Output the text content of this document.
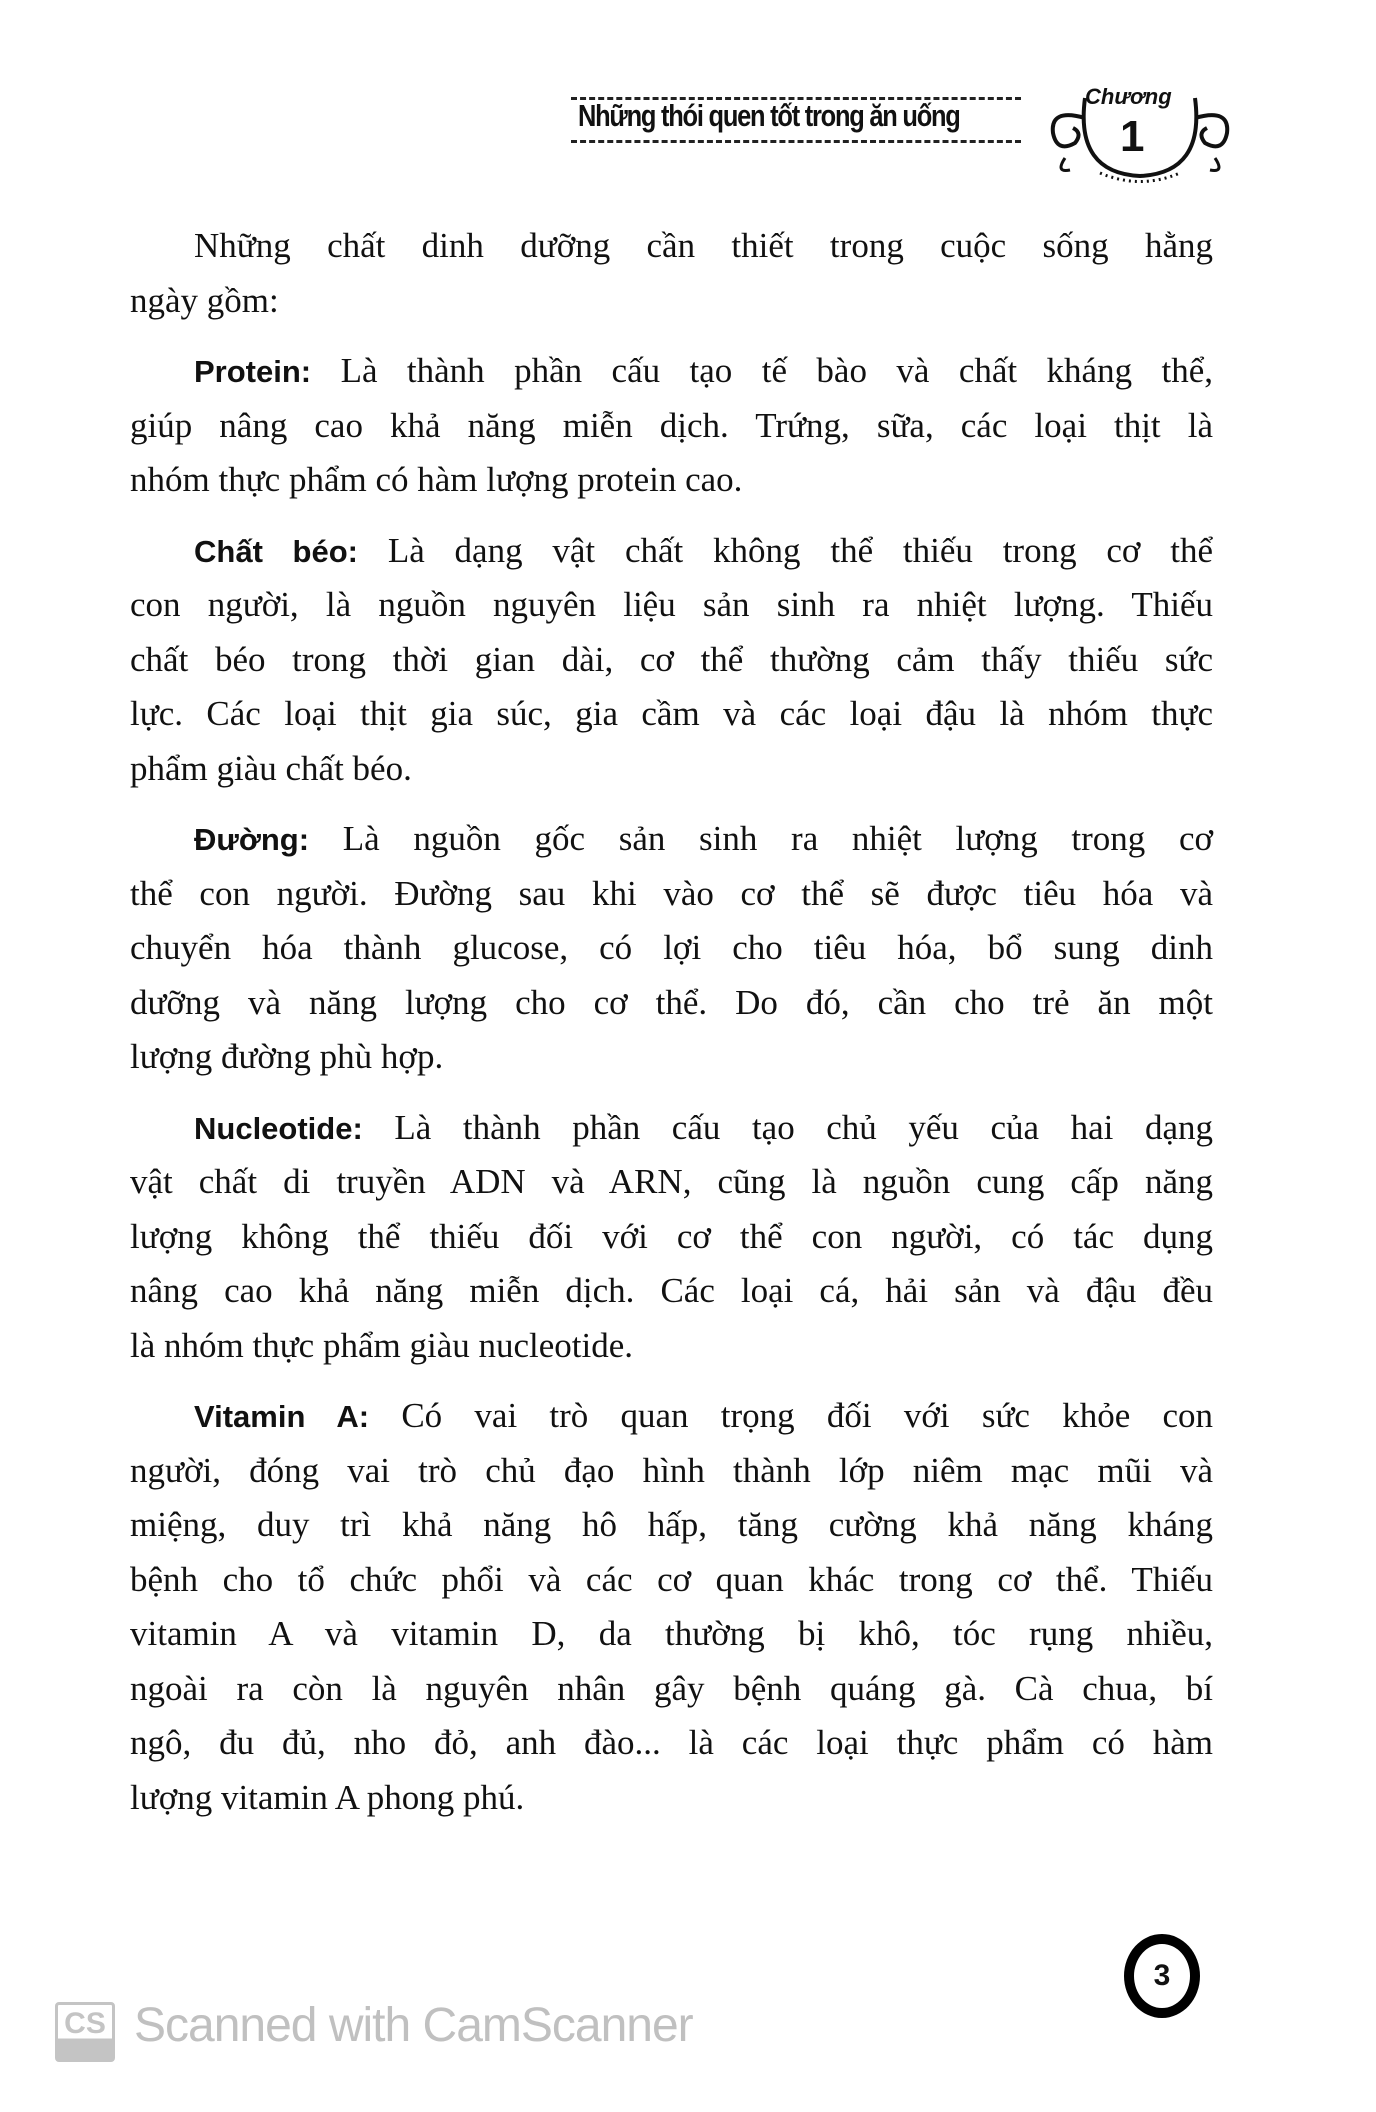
Những thói quen tốt trong ăn uống
Chương
1
Những chất dinh dưỡng cần thiết trong cuộc sống hằng
ngày gồm:
Protein: Là thành phần cấu tạo tế bào và chất kháng thể,
giúp nâng cao khả năng miễn dịch. Trứng, sữa, các loại thịt là
nhóm thực phẩm có hàm lượng protein cao.
Chất béo: Là dạng vật chất không thể thiếu trong cơ thể
con người, là nguồn nguyên liệu sản sinh ra nhiệt lượng. Thiếu
chất béo trong thời gian dài, cơ thể thường cảm thấy thiếu sức
lực. Các loại thịt gia súc, gia cầm và các loại đậu là nhóm thực
phẩm giàu chất béo.
Đường: Là nguồn gốc sản sinh ra nhiệt lượng trong cơ
thể con người. Đường sau khi vào cơ thể sẽ được tiêu hóa và
chuyển hóa thành glucose, có lợi cho tiêu hóa, bổ sung dinh
dưỡng và năng lượng cho cơ thể. Do đó, cần cho trẻ ăn một
lượng đường phù hợp.
Nucleotide: Là thành phần cấu tạo chủ yếu của hai dạng
vật chất di truyền ADN và ARN, cũng là nguồn cung cấp năng
lượng không thể thiếu đối với cơ thể con người, có tác dụng
nâng cao khả năng miễn dịch. Các loại cá, hải sản và đậu đều
là nhóm thực phẩm giàu nucleotide.
Vitamin A: Có vai trò quan trọng đối với sức khỏe con
người, đóng vai trò chủ đạo hình thành lớp niêm mạc mũi và
miệng, duy trì khả năng hô hấp, tăng cường khả năng kháng
bệnh cho tổ chức phổi và các cơ quan khác trong cơ thể. Thiếu
vitamin A và vitamin D, da thường bị khô, tóc rụng nhiều,
ngoài ra còn là nguyên nhân gây bệnh quáng gà. Cà chua, bí
ngô, đu đủ, nho đỏ, anh đào... là các loại thực phẩm có hàm
lượng vitamin A phong phú.
3
CS Scanned with CamScanner
